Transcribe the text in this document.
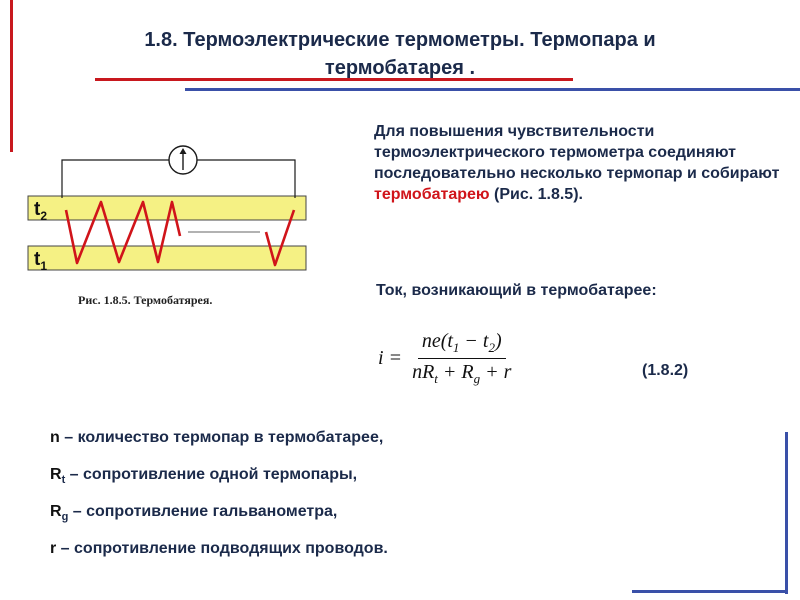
1.8. Термоэлектрические термометры. Термопара и термобатарея .
$t_2$
$t_1$
Рис. 1.8.5. Термобатярея.

Для повышения чувствительности термоэлектрического термометра соединяют последовательно несколько термопар и собирают термобатарею (Рис. 1.8.5).

Ток, возникающий в термобатарее:
$i = \frac{ne(t_1 - t_2)}{nR_t + R_g + r}$	(1.8.2)
n – количество термопар в термобатарее,
$R_t$ – сопротивление одной термопары,
$R_g$ – сопротивление гальванометра,
r – сопротивление подводящих проводов.
